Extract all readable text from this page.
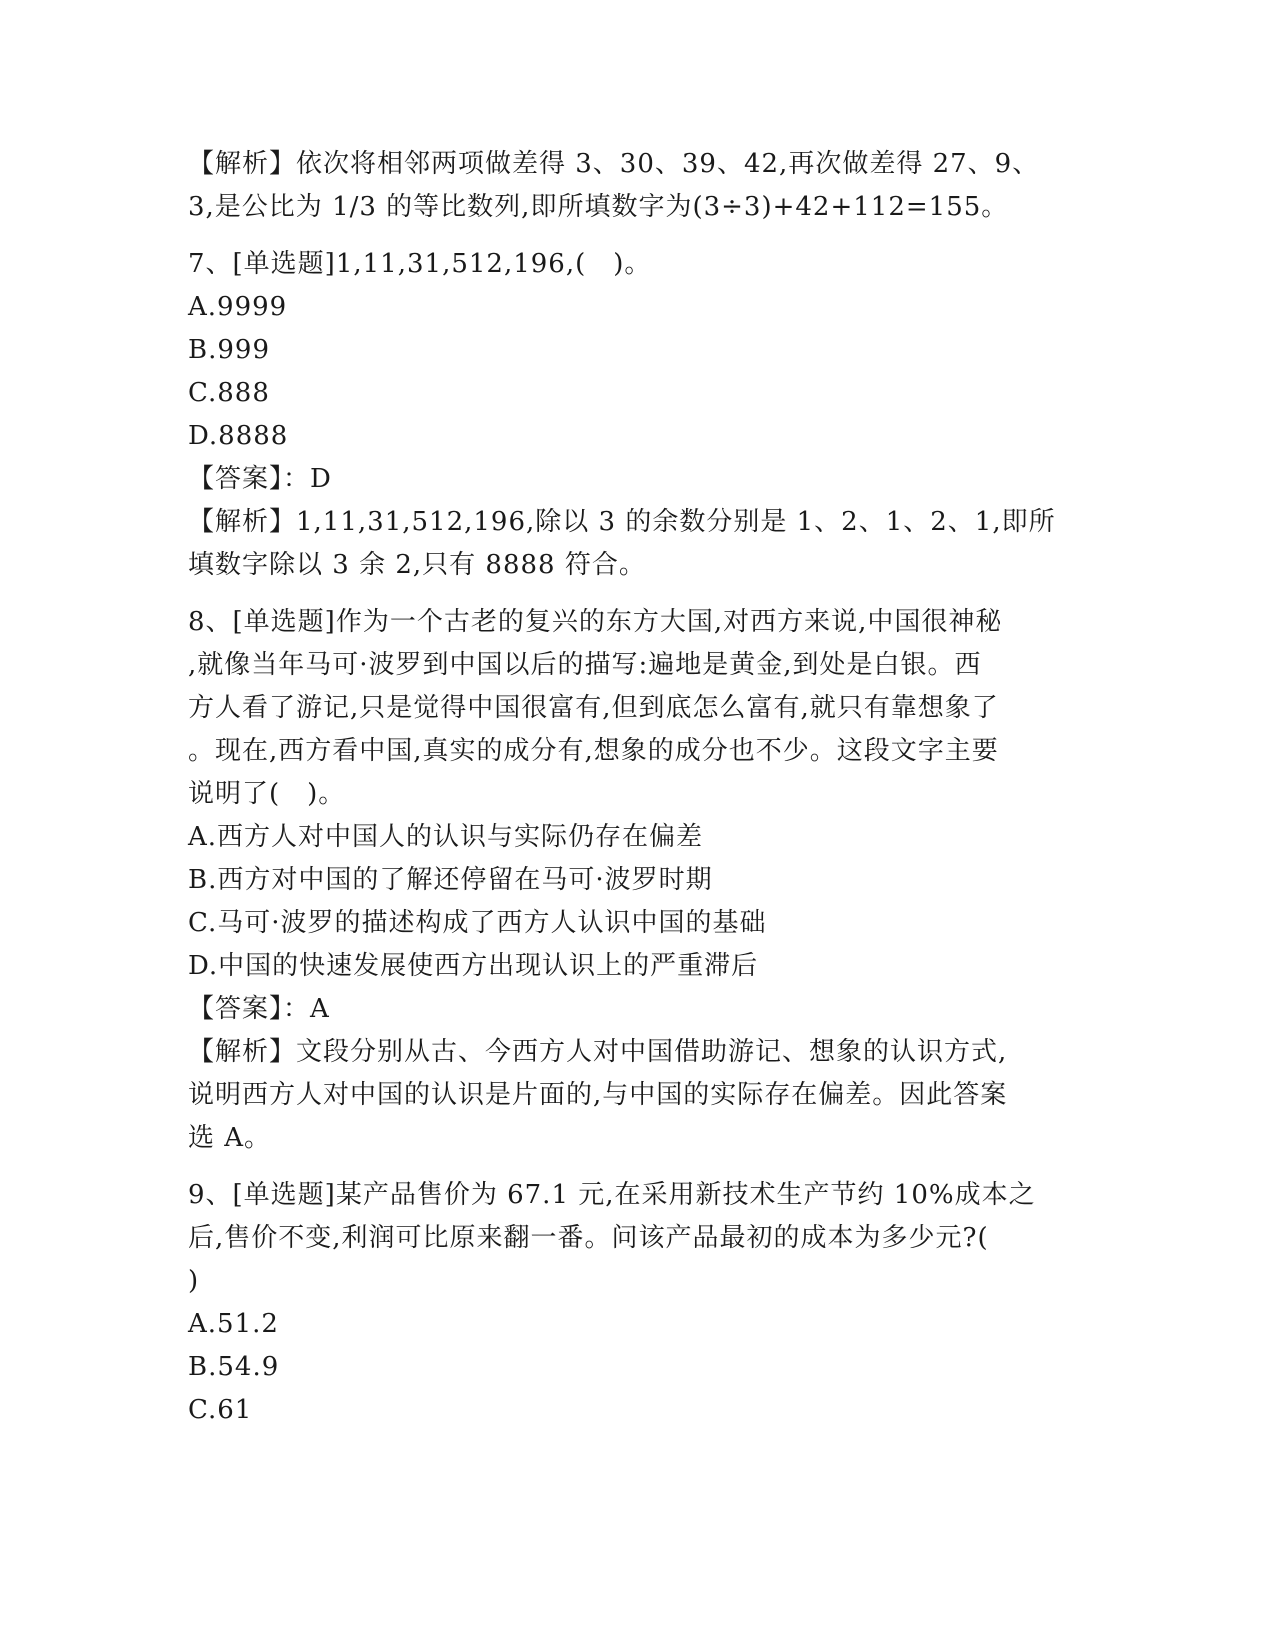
【解析】依次将相邻两项做差得 3、30、39、42,再次做差得 27、9、
3,是公比为 1/3 的等比数列,即所填数字为(3÷3)+42+112=155。
7、[单选题]1,11,31,512,196,(　)。
A.9999
B.999
C.888
D.8888
【答案】：D
【解析】1,11,31,512,196,除以 3 的余数分别是 1、2、1、2、1,即所
填数字除以 3 余 2,只有 8888 符合。
8、[单选题]作为一个古老的复兴的东方大国,对西方来说,中国很神秘
,就像当年马可·波罗到中国以后的描写:遍地是黄金,到处是白银。西
方人看了游记,只是觉得中国很富有,但到底怎么富有,就只有靠想象了
。现在,西方看中国,真实的成分有,想象的成分也不少。这段文字主要
说明了(　)。
A.西方人对中国人的认识与实际仍存在偏差
B.西方对中国的了解还停留在马可·波罗时期
C.马可·波罗的描述构成了西方人认识中国的基础
D.中国的快速发展使西方出现认识上的严重滞后
【答案】：A
【解析】文段分别从古、今西方人对中国借助游记、想象的认识方式,
说明西方人对中国的认识是片面的,与中国的实际存在偏差。因此答案
选 A。
9、[单选题]某产品售价为 67.1 元,在采用新技术生产节约 10%成本之
后,售价不变,利润可比原来翻一番。问该产品最初的成本为多少元?(
)
A.51.2
B.54.9
C.61
